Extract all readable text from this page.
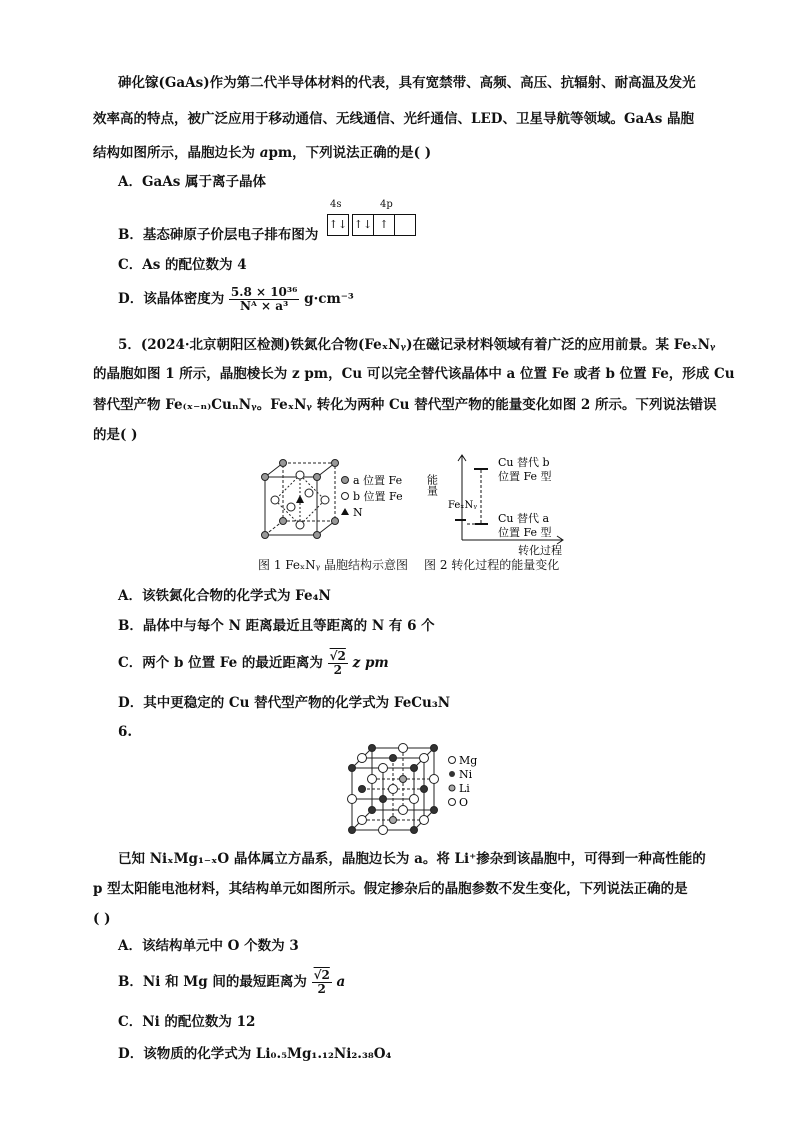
砷化镓(GaAs)作为第二代半导体材料的代表，具有宽禁带、高频、高压、抗辐射、耐高温及发光
效率高的特点，被广泛应用于移动通信、无线通信、光纤通信、LED、卫星导航等领域。GaAs 晶胞
结构如图所示，晶胞边长为 apm，下列说法正确的是( )
A．GaAs 属于离子晶体
B．基态砷原子价层电子排布图为
4s	4p
↑↓ ↑↓ ↑
C．As 的配位数为 4
D．该晶体密度为 $\frac{\text{5.8 × 10³⁶}}{\text{Nᴬ × a³}} g\cdot cm^{-3}$
5．(2024·北京朝阳区检测)铁氮化合物(FeₓNᵧ)在磁记录材料领域有着广泛的应用前景。某 FeₓNᵧ
的晶胞如图 1 所示，晶胞棱长为 z pm，Cu 可以完全替代该晶体中 a 位置 Fe 或者 b 位置 Fe，形成 Cu
替代型产物 Fe₍ₓ₋ₙ₎CuₙNᵧ。FeₓNᵧ 转化为两种 Cu 替代型产物的能量变化如图 2 所示。下列说法错误
的是( )
a 位置 Fe
b 位置 Fe
N
能量
FeₓNᵧ
Cu 替代 b
位置 Fe 型
Cu 替代 a
位置 Fe 型
转化过程
图 1 FeₓNᵧ 晶胞结构示意图 图 2 转化过程的能量变化
A．该铁氮化合物的化学式为 Fe₄N
B．晶体中与每个 N 距离最近且等距离的 N 有 6 个
C．两个 b 位置 Fe 的最近距离为 $\frac{√2}{2}$ z pm
D．其中更稳定的 Cu 替代型产物的化学式为 FeCu₃N
6.
Mg
Ni
Li
O
已知 NiₓMg₁₋ₓO 晶体属立方晶系，晶胞边长为 a。将 Li⁺掺杂到该晶胞中，可得到一种高性能的
p 型太阳能电池材料，其结构单元如图所示。假定掺杂后的晶胞参数不发生变化，下列说法正确的是
( )
A．该结构单元中 O 个数为 3
B．Ni 和 Mg 间的最短距离为 $\frac{√2}{2}$ a
C．Ni 的配位数为 12
D．该物质的化学式为 Li₀.₅Mg₁.₁₂Ni₂.₃₈O₄
